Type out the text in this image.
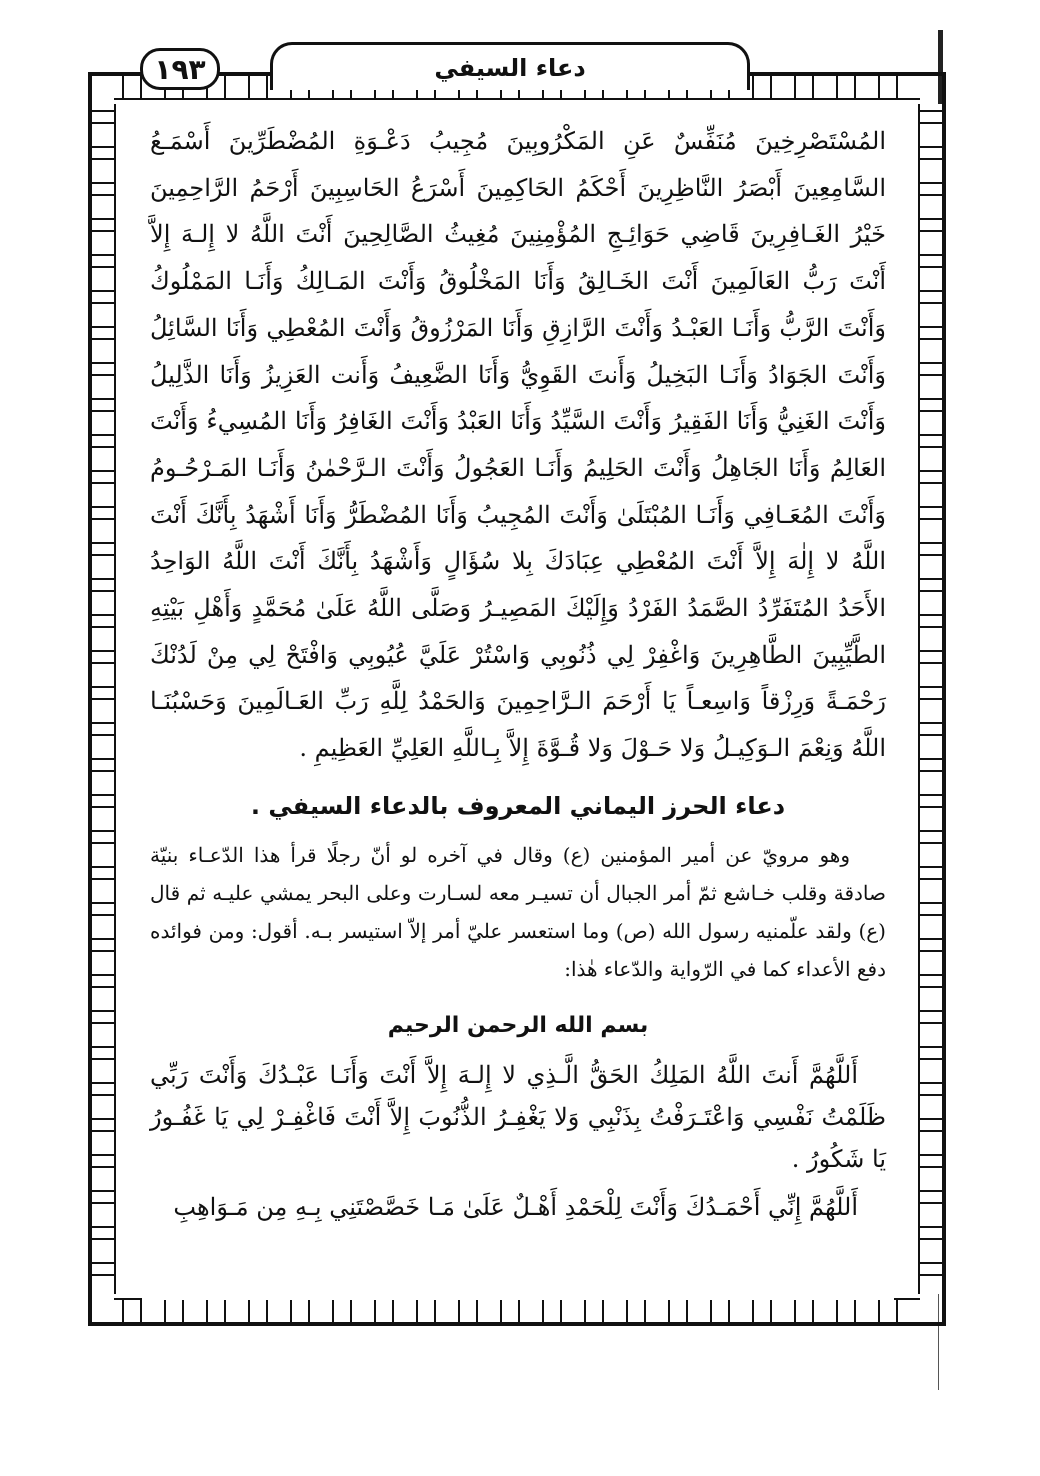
دعاء السيفي
١٩٣

المُسْتَصْرِخِينَ مُنَفِّسٌ عَنِ المَكْرُوبِينَ مُجِيبُ دَعْـوَةِ المُضْطَرِّينَ أَسْمَـعُ السَّامِعِينَ أَبْصَرُ النَّاظِرِينَ أَحْكَمُ الحَاكِمِينَ أَسْرَعُ الحَاسِبِينَ أَرْحَمُ الرَّاحِمِينَ خَيْرُ الغَـافِرِينَ قَاضِي حَوَائِـجِ المُؤْمِنِينَ مُغِيثُ الصَّالِحِينَ أَنْتَ اللَّهُ لا إِلـهَ إِلاَّ أَنْتَ رَبُّ العَالَمِينَ أَنْتَ الخَـالِقُ وَأَنَا المَخْلُوقُ وَأَنْتَ المَـالِكُ وَأَنَـا المَمْلُوكُ وَأَنْتَ الرَّبُّ وَأَنَـا العَبْـدُ وَأَنْتَ الرَّازِقِ وَأَنَا المَرْزُوقُ وَأَنْتَ المُعْطِي وَأَنَا السَّائِلُ وَأَنْتَ الجَوَادُ وَأَنَـا البَخِيلُ وَأَنتَ القَوِيُّ وَأَنَا الضَّعِيفُ وَأَنت العَزِيزُ وَأَنَا الذَّلِيلُ وَأَنْتَ الغَنِيُّ وَأَنَا الفَقِيرُ وَأَنْتَ السَّيِّدُ وَأَنَا العَبْدُ وَأَنْتَ الغَافِرُ وَأَنَا المُسِيءُ وَأَنْتَ العَالِمُ وَأَنَا الجَاهِلُ وَأَنْتَ الحَلِيمُ وَأَنَـا العَجُولُ وَأَنْتَ الـرَّحْمٰنُ وَأَنَـا المَـرْحُـومُ وَأَنْتَ المُعَـافِي وَأَنَـا المُبْتَلَىٰ وَأَنْتَ المُجِيبُ وَأَنَا المُضْطَرُّ وَأَنَا أَشْهَدُ بِأَنَّكَ أَنْتَ اللَّهُ لا إِلٰهَ إِلاَّ أَنْتَ المُعْطِي عِبَادَكَ بِلا سُؤَالٍ وَأَشْهَدُ بِأَنَّكَ أَنْتَ اللَّهُ الوَاحِدُ الأَحَدُ المُتَفَرِّدُ الصَّمَدُ الفَرْدُ وَإِلَيْكَ المَصِيـرُ وَصَلَّى اللَّهُ عَلَىٰ مُحَمَّدٍ وَأَهْلِ بَيْتِهِ الطَّيِّبِينَ الطَّاهِرِينَ وَاغْفِرْ لِي ذُنُوبِي وَاسْتُرْ عَلَيَّ عُيُوبِي وَافْتَحْ لِي مِنْ لَدُنْكَ رَحْمَـةً وَرِزْقاً وَاسِعـاً يَا أَرْحَمَ الـرَّاحِمِينَ وَالحَمْدُ لِلَّهِ رَبِّ العَـالَمِينَ وَحَسْبُنَـا اللَّهُ وَنِعْمَ الـوَكِيـلُ وَلا حَـوْلَ وَلا قُـوَّةَ إِلاَّ بِـاللَّهِ العَلِيِّ العَظِيمِ .

دعاء الحرز اليماني المعروف بالدعاء السيفي .

وهو مرويّ عن أمير المؤمنين (ع) وقال في آخره لو أنّ رجلًا قرأ هذا الدّعـاء بنيّة صادقة وقلب خـاشع ثمّ أمر الجبال أن تسيـر معه لسـارت وعلى البحر يمشي عليـه ثم قال (ع) ولقد علّمنيه رسول الله (ص) وما استعسر عليّ أمر إلاّ استيسر بـه. أقول: ومن فوائده دفع الأعداء كما في الرّواية والدّعاء هٰذا:

بسم الله الرحمن الرحيم

أَللَّهُمَّ أَنتَ اللَّهُ المَلِكُ الحَقُّ الَّـذِي لا إِلـهَ إِلاَّ أَنْتَ وَأَنَـا عَبْـدُكَ وَأَنْتَ رَبِّي ظَلَمْتُ نَفْسِي وَاعْتَـرَفْتُ بِذَنْبِي وَلا يَغْفِـرُ الذُّنُوبَ إِلاَّ أَنْتَ فَاغْفِـرْ لِي يَا غَفُـورُ يَا شَكُورُ .

أَللَّهُمَّ إِنِّي أَحْمَـدُكَ وَأَنْتَ لِلْحَمْدِ أَهْـلٌ عَلَىٰ مَـا خَصَّصْتَنِي بِـهِ مِن مَـوَاهِبِ
